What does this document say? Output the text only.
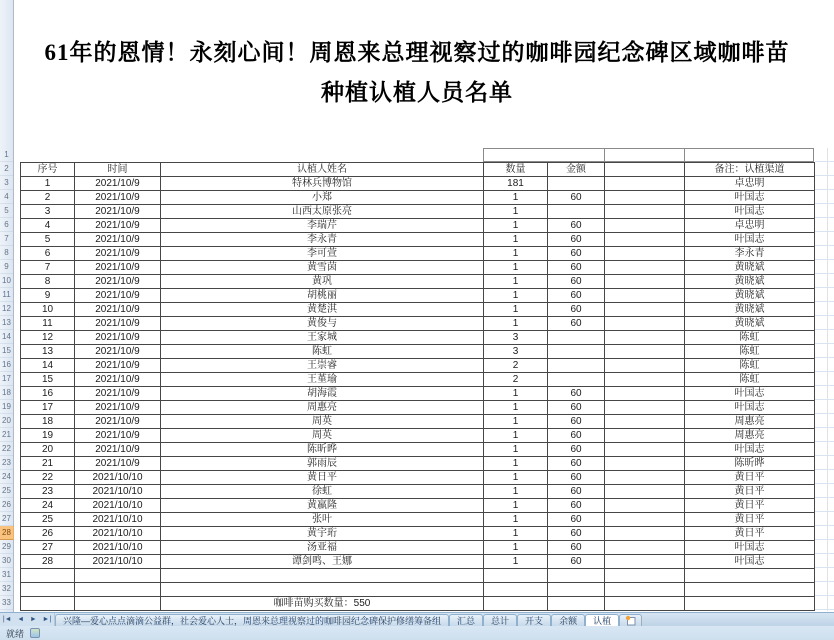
61年的恩情！永刻心间！周恩来总理视察过的咖啡园纪念碑区域咖啡苗
种植认植人员名单
1
2
3
4
5
6
7
8
9
10
11
12
13
14
15
16
17
18
19
20
21
22
23
24
25
26
27
28
29
30
31
32
33
序号	时间	认植人姓名	数量	金额		备注：认植渠道
1	2021/10/9	特林兵博物馆	181			卓忠明
2	2021/10/9	小郑	1	60		叶国志
3	2021/10/9	山西太原张亮	1			叶国志
4	2021/10/9	李瑞芹	1	60		卓忠明
5	2021/10/9	李永青	1	60		叶国志
6	2021/10/9	李可萱	1	60		李永青
7	2021/10/9	黄雪茵	1	60		黄晓斌
8	2021/10/9	黄巩	1	60		黄晓斌
9	2021/10/9	胡桃丽	1	60		黄晓斌
10	2021/10/9	黄楚淇	1	60		黄晓斌
11	2021/10/9	黄俊与	1	60		黄晓斌
12	2021/10/9	王家城	3			陈虹
13	2021/10/9	陈虹	3			陈虹
14	2021/10/9	王崇睿	2			陈虹
15	2021/10/9	王堇瑜	2			陈虹
16	2021/10/9	胡海霞	1	60		叶国志
17	2021/10/9	周惠亮	1	60		叶国志
18	2021/10/9	周英	1	60		周惠亮
19	2021/10/9	周英	1	60		周惠亮
20	2021/10/9	陈昕晔	1	60		叶国志
21	2021/10/9	郭雨辰	1	60		陈昕晔
22	2021/10/10	黄日平	1	60		黄日平
23	2021/10/10	徐虹	1	60		黄日平
24	2021/10/10	黄嬴隆	1	60		黄日平
25	2021/10/10	张叶	1	60		黄日平
26	2021/10/10	黄宇珩	1	60		黄日平
27	2021/10/10	汤亚福	1	60		叶国志
28	2021/10/10	谭剑鸣、王娜	1	60		叶国志

		咖啡苗购买数量：550				
|◄ ◄ ► ►|	兴隆—爱心点点滴滴公益群，社会爱心人士，周恩来总理视察过的咖啡园纪念碑保护修缮筹备组	汇总	总计	开支	余额	认植
就绪
